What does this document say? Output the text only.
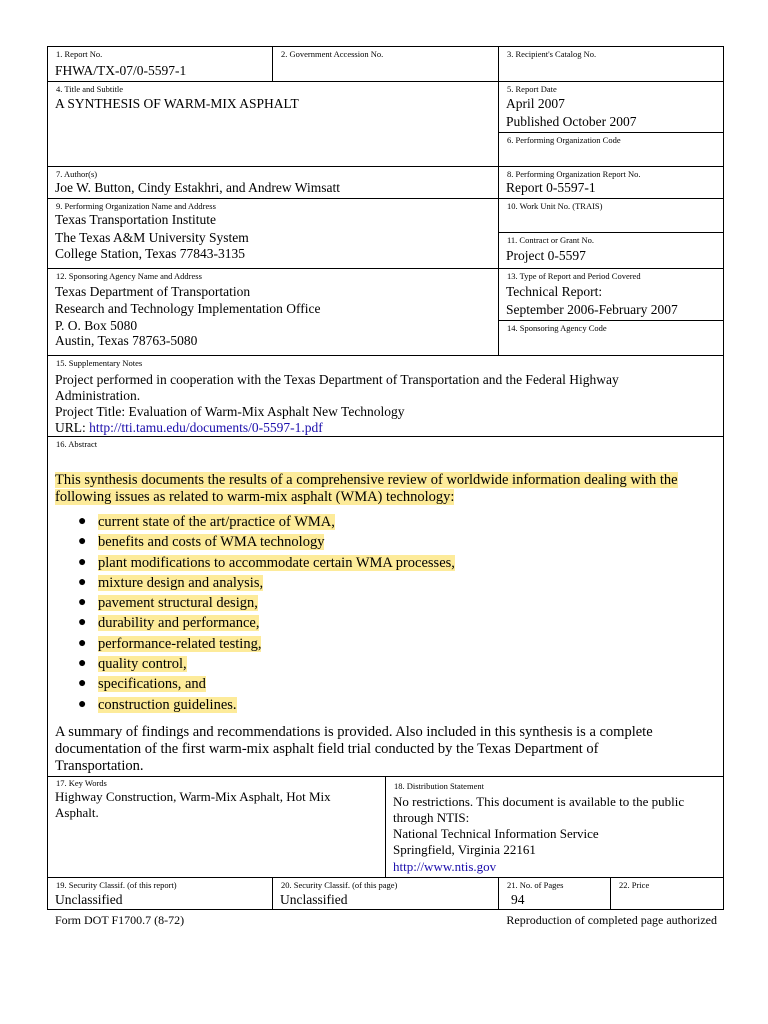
1. Report No.
FHWA/TX-07/0-5597-1
2. Government Accession No.	3. Recipient's Catalog No.
4. Title and Subtitle
A SYNTHESIS OF WARM-MIX ASPHALT
5. Report Date
April 2007
Published October 2007
6. Performing Organization Code
7. Author(s)
Joe W. Button, Cindy Estakhri, and Andrew Wimsatt
8. Performing Organization Report No.
Report 0-5597-1
9. Performing Organization Name and Address
Texas Transportation Institute
The Texas A&M University System
College Station, Texas 77843-3135
10. Work Unit No. (TRAIS)
11. Contract or Grant No.
Project 0-5597
12. Sponsoring Agency Name and Address
Texas Department of Transportation
Research and Technology Implementation Office
P. O. Box 5080
Austin, Texas 78763-5080
13. Type of Report and Period Covered
Technical Report:
September 2006-February 2007
14. Sponsoring Agency Code
15. Supplementary Notes
Project performed in cooperation with the Texas Department of Transportation and the Federal Highway
Administration.
Project Title: Evaluation of Warm-Mix Asphalt New Technology
URL: http://tti.tamu.edu/documents/0-5597-1.pdf
16. Abstract
This synthesis documents the results of a comprehensive review of worldwide information dealing with the
following issues as related to warm-mix asphalt (WMA) technology:
● current state of the art/practice of WMA,
● benefits and costs of WMA technology
● plant modifications to accommodate certain WMA processes,
● mixture design and analysis,
● pavement structural design,
● durability and performance,
● performance-related testing,
● quality control,
● specifications, and
● construction guidelines.
A summary of findings and recommendations is provided. Also included in this synthesis is a complete
documentation of the first warm-mix asphalt field trial conducted by the Texas Department of
Transportation.
17. Key Words
Highway Construction, Warm-Mix Asphalt, Hot Mix
Asphalt.
18. Distribution Statement
No restrictions. This document is available to the public
through NTIS:
National Technical Information Service
Springfield, Virginia 22161
http://www.ntis.gov
19. Security Classif. (of this report)
Unclassified
20. Security Classif. (of this page)
Unclassified
21. No. of Pages
94
22. Price
Form DOT F1700.7 (8-72)	Reproduction of completed page authorized
